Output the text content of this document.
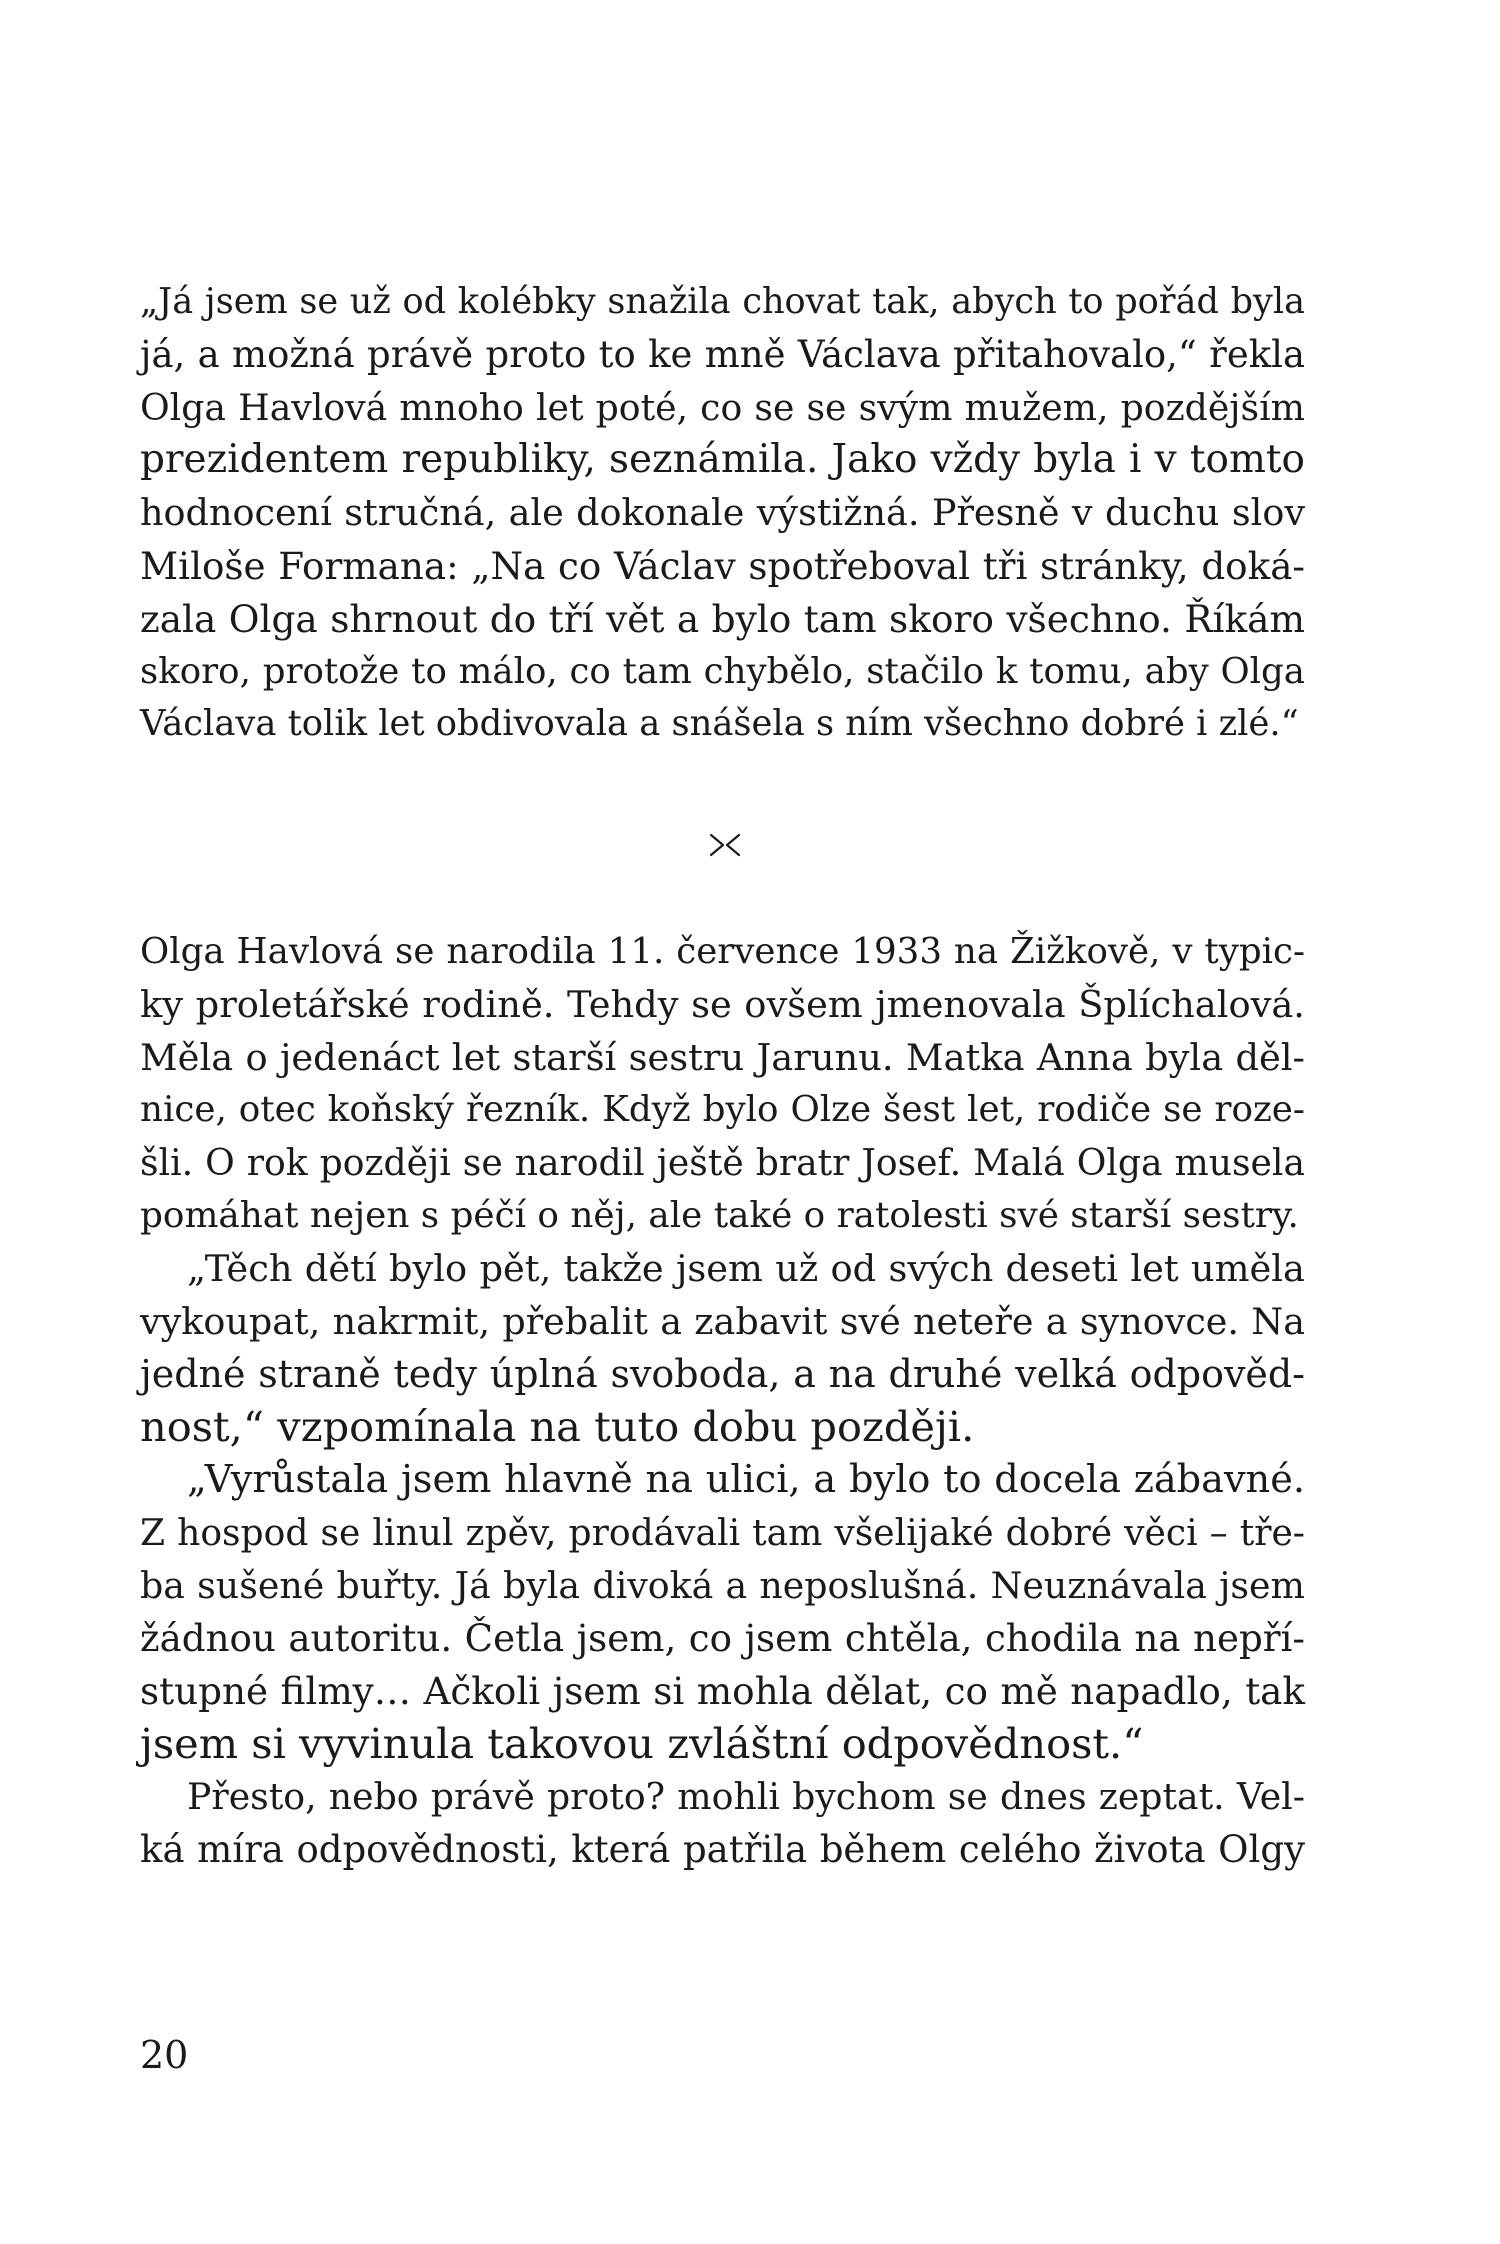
„Já jsem se už od kolébky snažila chovat tak, abych to pořád byla
já, a možná právě proto to ke mně Václava přitahovalo,“ řekla
Olga Havlová mnoho let poté, co se se svým mužem, pozdějším
prezidentem republiky, seznámila. Jako vždy byla i v tomto
hodnocení stručná, ale dokonale výstižná. Přesně v duchu slov
Miloše Formana: „Na co Václav spotřeboval tři stránky, doká-
zala Olga shrnout do tří vět a bylo tam skoro všechno. Říkám
skoro, protože to málo, co tam chybělo, stačilo k tomu, aby Olga
Václava tolik let obdivovala a snášela s ním všechno dobré i zlé.“
Olga Havlová se narodila 11. července 1933 na Žižkově, v typic-
ky proletářské rodině. Tehdy se ovšem jmenovala Šplíchalová.
Měla o jedenáct let starší sestru Jarunu. Matka Anna byla děl-
nice, otec koňský řezník. Když bylo Olze šest let, rodiče se roze-
šli. O rok později se narodil ještě bratr Josef. Malá Olga musela
pomáhat nejen s péčí o něj, ale také o ratolesti své starší sestry.
„Těch dětí bylo pět, takže jsem už od svých deseti let uměla
vykoupat, nakrmit, přebalit a zabavit své neteře a synovce. Na
jedné straně tedy úplná svoboda, a na druhé velká odpověd-
nost,“ vzpomínala na tuto dobu později.
„Vyrůstala jsem hlavně na ulici, a bylo to docela zábavné.
Z hospod se linul zpěv, prodávali tam všelijaké dobré věci – tře-
ba sušené buřty. Já byla divoká a neposlušná. Neuznávala jsem
žádnou autoritu. Četla jsem, co jsem chtěla, chodila na nepří-
stupné filmy… Ačkoli jsem si mohla dělat, co mě napadlo, tak
jsem si vyvinula takovou zvláštní odpovědnost.“
Přesto, nebo právě proto? mohli bychom se dnes zeptat. Vel-
ká míra odpovědnosti, která patřila během celého života Olgy
20
